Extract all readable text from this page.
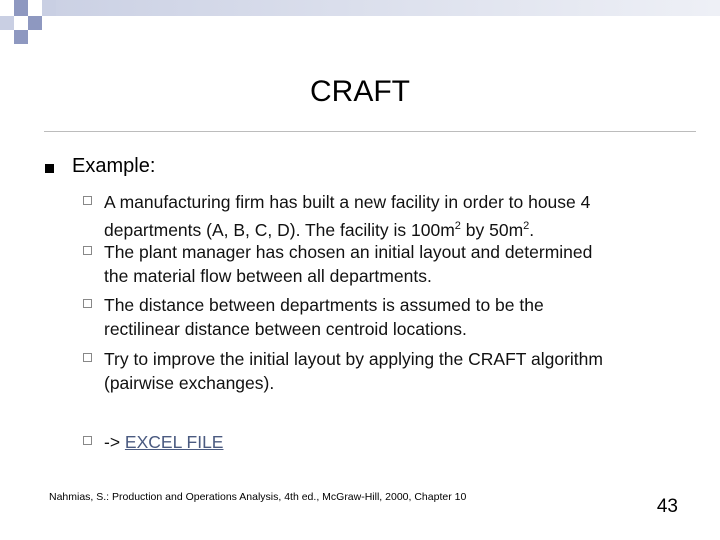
CRAFT
Example:
A manufacturing firm has built a new facility in order to house 4
departments (A, B, C, D). The facility is $100m^2$ by $50m^2$.
The plant manager has chosen an initial layout and determined
the material flow between all departments.
The distance between departments is assumed to be the
rectilinear distance between centroid locations.
Try to improve the initial layout by applying the CRAFT algorithm
(pairwise exchanges).
-> EXCEL FILE
Nahmias, S.: Production and Operations Analysis, 4th ed., McGraw-Hill, 2000, Chapter 10	43
